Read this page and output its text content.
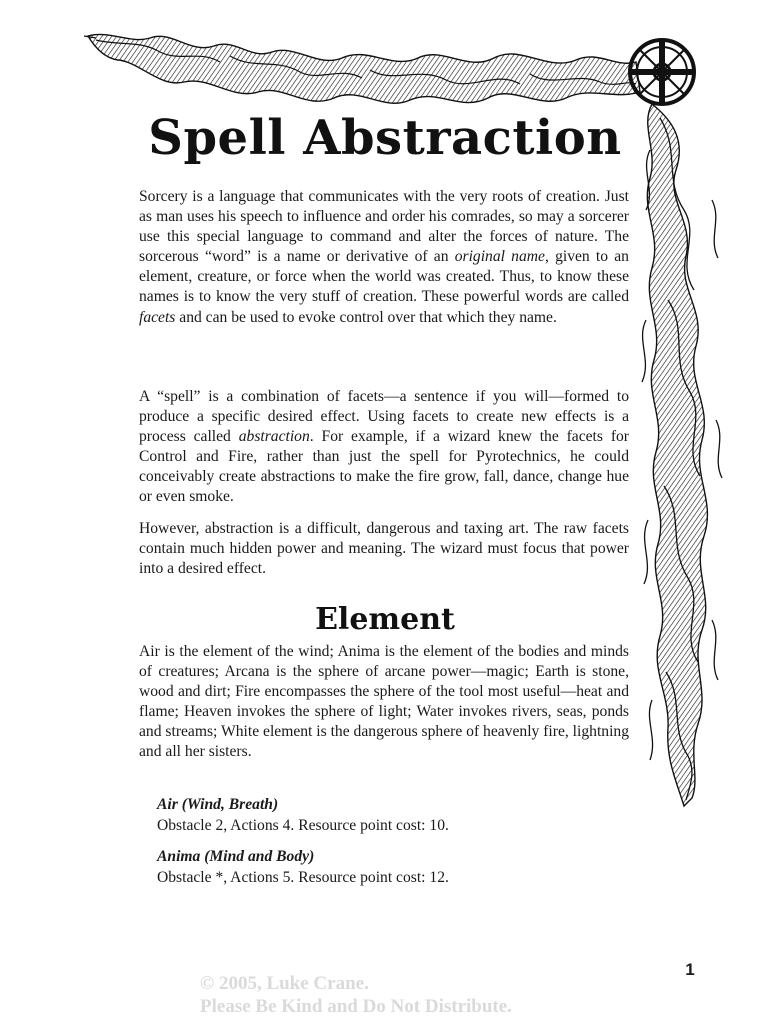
Spell Abstraction

Sorcery is a language that communicates with the very roots of creation. Just as man uses his speech to influence and order his comrades, so may a sorcerer use this special language to command and alter the forces of nature. The sorcerous “word” is a name or derivative of an original name, given to an element, creature, or force when the world was created. Thus, to know these names is to know the very stuff of creation. These powerful words are called facets and can be used to evoke control over that which they name.

A “spell” is a combination of facets—a sentence if you will—formed to produce a specific desired effect. Using facets to create new effects is a process called abstraction. For example, if a wizard knew the facets for Control and Fire, rather than just the spell for Pyrotechnics, he could conceivably create abstractions to make the fire grow, fall, dance, change hue or even smoke.

However, abstraction is a difficult, dangerous and taxing art. The raw facets contain much hidden power and meaning. The wizard must focus that power into a desired effect.

Element

Air is the element of the wind; Anima is the element of the bodies and minds of creatures; Arcana is the sphere of arcane power—magic; Earth is stone, wood and dirt; Fire encompasses the sphere of the tool most useful—heat and flame; Heaven invokes the sphere of light; Water invokes rivers, seas, ponds and streams; White element is the dangerous sphere of heavenly fire, lightning and all her sisters.

Air (Wind, Breath)
Obstacle 2, Actions 4. Resource point cost: 10.
Anima (Mind and Body)
Obstacle *, Actions 5. Resource point cost: 12.
1
© 2005, Luke Crane.
Please Be Kind and Do Not Distribute.
